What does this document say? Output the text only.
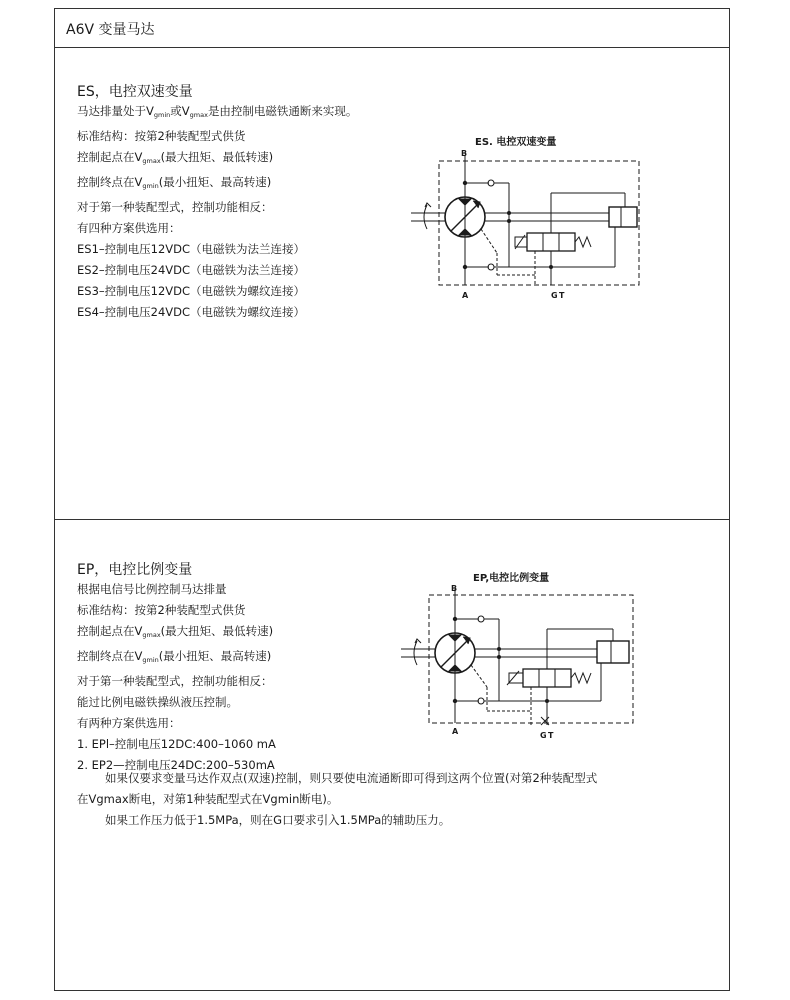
A6V 变量马达
ES，电控双速变量
马达排量处于$V_{gmin}$或$V_{gmax}$是由控制电磁铁通断来实现。
标准结构：按第2种装配型式供货
控制起点在$V_{gmax}$(最大扭矩、最低转速)
控制终点在$V_{gmin}$(最小扭矩、最高转速)
对于第一种装配型式，控制功能相反：
有四种方案供选用：
ES1–控制电压12VDC（电磁铁为法兰连接）
ES2–控制电压24VDC（电磁铁为法兰连接）
ES3–控制电压12VDC（电磁铁为螺纹连接）
ES4–控制电压24VDC（电磁铁为螺纹连接）
ES. 电控双速变量
B
A	G T
EP，电控比例变量
根据电信号比例控制马达排量
标准结构：按第2种装配型式供货
控制起点在$V_{gmax}$(最大扭矩、最低转速)
控制终点在$V_{gmin}$(最小扭矩、最高转速)
对于第一种装配型式，控制功能相反：
能过比例电磁铁操纵液压控制。
有两种方案供选用：
1. EPl–控制电压12DC:400–1060 mA
2. EP2—控制电压24DC:200–530mA
如果仅要求变量马达作双点(双速)控制，则只要使电流通断即可得到这两个位置(对第2种装配型式
在Vgmax断电，对第1种装配型式在Vgmin断电)。
如果工作压力低于1.5MPa，则在G口要求引入1.5MPa的辅助压力。
EP,电控比例变量
B
A	G T
